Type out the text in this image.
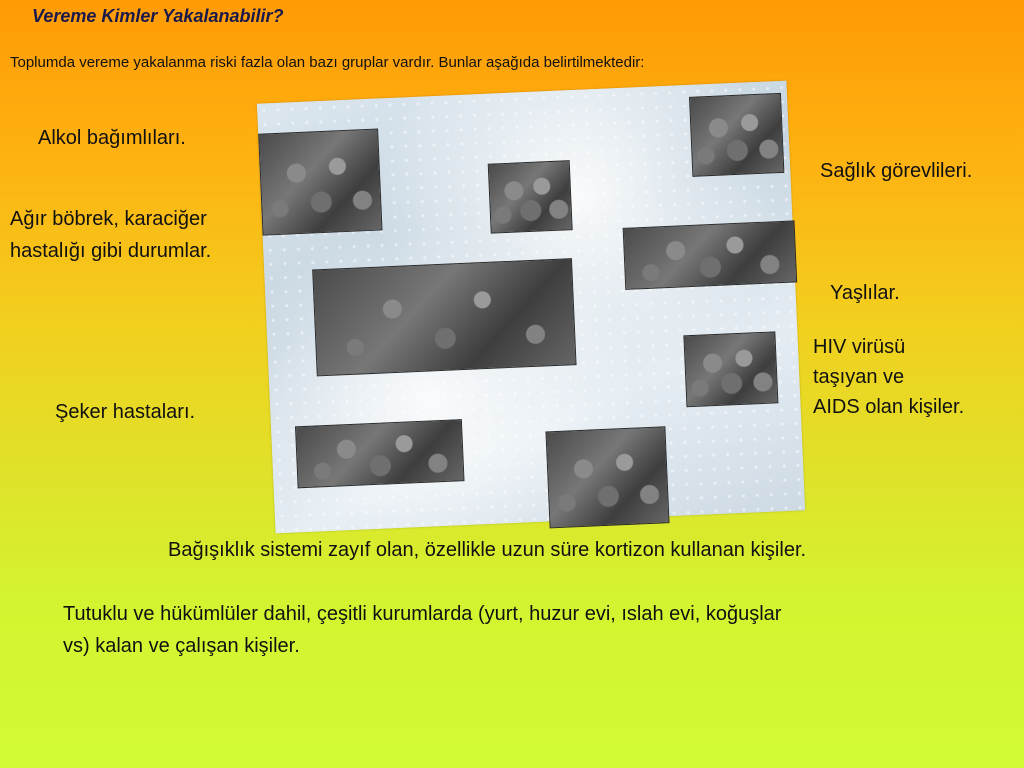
Vereme Kimler Yakalanabilir?
Toplumda vereme yakalanma riski fazla olan bazı gruplar vardır. Bunlar aşağıda belirtilmektedir:
Alkol bağımlıları.
Ağır böbrek, karaciğer
hastalığı gibi durumlar.
Şeker hastaları.
Sağlık görevlileri.
Yaşlılar.
HIV virüsü
taşıyan ve
AIDS olan kişiler.
Bağışıklık sistemi zayıf olan, özellikle uzun süre kortizon kullanan kişiler.
Tutuklu ve hükümlüler dahil, çeşitli kurumlarda (yurt, huzur evi, ıslah evi, koğuşlar
vs) kalan ve çalışan kişiler.
